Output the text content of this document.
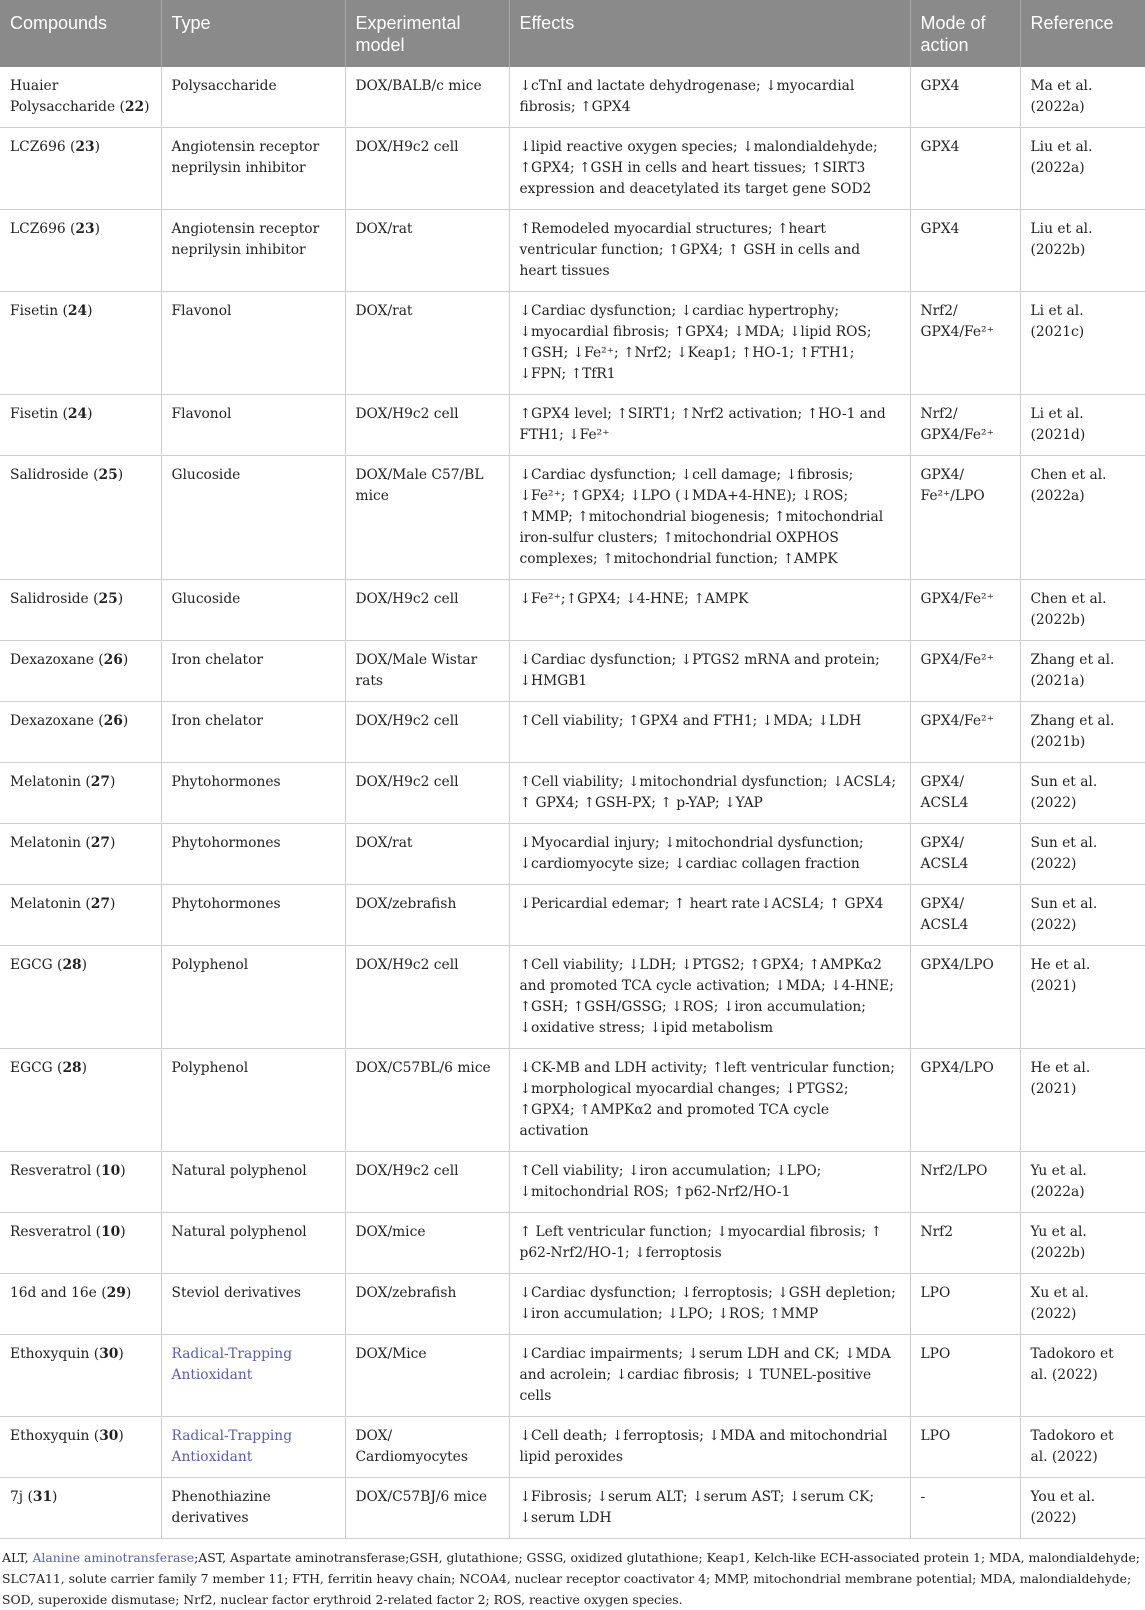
Compounds	Type	Experimental model	Effects	Mode of action	Reference
Huaier Polysaccharide (22)	Polysaccharide	DOX/BALB/c mice	↓cTnI and lactate dehydrogenase; ↓myocardial fibrosis; ↑GPX4	GPX4	Ma et al. (2022a)
LCZ696 (23)	Angiotensin receptor neprilysin inhibitor	DOX/H9c2 cell	↓lipid reactive oxygen species; ↓malondialdehyde; ↑GPX4; ↑GSH in cells and heart tissues; ↑SIRT3 expression and deacetylated its target gene SOD2	GPX4	Liu et al. (2022a)
LCZ696 (23)	Angiotensin receptor neprilysin inhibitor	DOX/rat	↑Remodeled myocardial structures; ↑heart ventricular function; ↑GPX4; ↑ GSH in cells and heart tissues	GPX4	Liu et al. (2022b)
Fisetin (24)	Flavonol	DOX/rat	↓Cardiac dysfunction; ↓cardiac hypertrophy; ↓myocardial fibrosis; ↑GPX4; ↓MDA; ↓lipid ROS; ↑GSH; ↓Fe²⁺; ↑Nrf2; ↓Keap1; ↑HO-1; ↑FTH1; ↓FPN; ↑TfR1	Nrf2/ GPX4/Fe²⁺	Li et al. (2021c)
Fisetin (24)	Flavonol	DOX/H9c2 cell	↑GPX4 level; ↑SIRT1; ↑Nrf2 activation; ↑HO-1 and FTH1; ↓Fe²⁺	Nrf2/ GPX4/Fe²⁺	Li et al. (2021d)
Salidroside (25)	Glucoside	DOX/Male C57/BL mice	↓Cardiac dysfunction; ↓cell damage; ↓fibrosis; ↓Fe²⁺; ↑GPX4; ↓LPO (↓MDA+4-HNE); ↓ROS; ↑MMP; ↑mitochondrial biogenesis; ↑mitochondrial iron-sulfur clusters; ↑mitochondrial OXPHOS complexes; ↑mitochondrial function; ↑AMPK	GPX4/ Fe²⁺/LPO	Chen et al. (2022a)
Salidroside (25)	Glucoside	DOX/H9c2 cell	↓Fe²⁺;↑GPX4; ↓4-HNE; ↑AMPK	GPX4/Fe²⁺	Chen et al. (2022b)
Dexazoxane (26)	Iron chelator	DOX/Male Wistar rats	↓Cardiac dysfunction; ↓PTGS2 mRNA and protein; ↓HMGB1	GPX4/Fe²⁺	Zhang et al. (2021a)
Dexazoxane (26)	Iron chelator	DOX/H9c2 cell	↑Cell viability; ↑GPX4 and FTH1; ↓MDA; ↓LDH	GPX4/Fe²⁺	Zhang et al. (2021b)
Melatonin (27)	Phytohormones	DOX/H9c2 cell	↑Cell viability; ↓mitochondrial dysfunction; ↓ACSL4; ↑ GPX4; ↑GSH-PX; ↑ p-YAP; ↓YAP	GPX4/ ACSL4	Sun et al. (2022)
Melatonin (27)	Phytohormones	DOX/rat	↓Myocardial injury; ↓mitochondrial dysfunction; ↓cardiomyocyte size; ↓cardiac collagen fraction	GPX4/ ACSL4	Sun et al. (2022)
Melatonin (27)	Phytohormones	DOX/zebrafish	↓Pericardial edemar; ↑ heart rate↓ACSL4; ↑ GPX4	GPX4/ ACSL4	Sun et al. (2022)
EGCG (28)	Polyphenol	DOX/H9c2 cell	↑Cell viability; ↓LDH; ↓PTGS2; ↑GPX4; ↑AMPKα2 and promoted TCA cycle activation; ↓MDA; ↓4-HNE; ↑GSH; ↑GSH/GSSG; ↓ROS; ↓iron accumulation; ↓oxidative stress; ↓ipid metabolism	GPX4/LPO	He et al. (2021)
EGCG (28)	Polyphenol	DOX/C57BL/6 mice	↓CK-MB and LDH activity; ↑left ventricular function; ↓morphological myocardial changes; ↓PTGS2; ↑GPX4; ↑AMPKα2 and promoted TCA cycle activation	GPX4/LPO	He et al. (2021)
Resveratrol (10)	Natural polyphenol	DOX/H9c2 cell	↑Cell viability; ↓iron accumulation; ↓LPO; ↓mitochondrial ROS; ↑p62-Nrf2/HO-1	Nrf2/LPO	Yu et al. (2022a)
Resveratrol (10)	Natural polyphenol	DOX/mice	↑ Left ventricular function; ↓myocardial fibrosis; ↑ p62-Nrf2/HO-1; ↓ferroptosis	Nrf2	Yu et al. (2022b)
16d and 16e (29)	Steviol derivatives	DOX/zebrafish	↓Cardiac dysfunction; ↓ferroptosis; ↓GSH depletion; ↓iron accumulation; ↓LPO; ↓ROS; ↑MMP	LPO	Xu et al. (2022)
Ethoxyquin (30)	Radical-Trapping Antioxidant	DOX/Mice	↓Cardiac impairments; ↓serum LDH and CK; ↓MDA and acrolein; ↓cardiac fibrosis; ↓ TUNEL-positive cells	LPO	Tadokoro et al. (2022)
Ethoxyquin (30)	Radical-Trapping Antioxidant	DOX/ Cardiomyocytes	↓Cell death; ↓ferroptosis; ↓MDA and mitochondrial lipid peroxides	LPO	Tadokoro et al. (2022)
7j (31)	Phenothiazine derivatives	DOX/C57BJ/6 mice	↓Fibrosis; ↓serum ALT; ↓serum AST; ↓serum CK; ↓serum LDH	-	You et al. (2022)
ALT, Alanine aminotransferase;AST, Aspartate aminotransferase;GSH, glutathione; GSSG, oxidized glutathione; Keap1, Kelch-like ECH-associated protein 1; MDA, malondialdehyde; SLC7A11, solute carrier family 7 member 11; FTH, ferritin heavy chain; NCOA4, nuclear receptor coactivator 4; MMP, mitochondrial membrane potential; MDA, malondialdehyde; SOD, superoxide dismutase; Nrf2, nuclear factor erythroid 2-related factor 2; ROS, reactive oxygen species.
